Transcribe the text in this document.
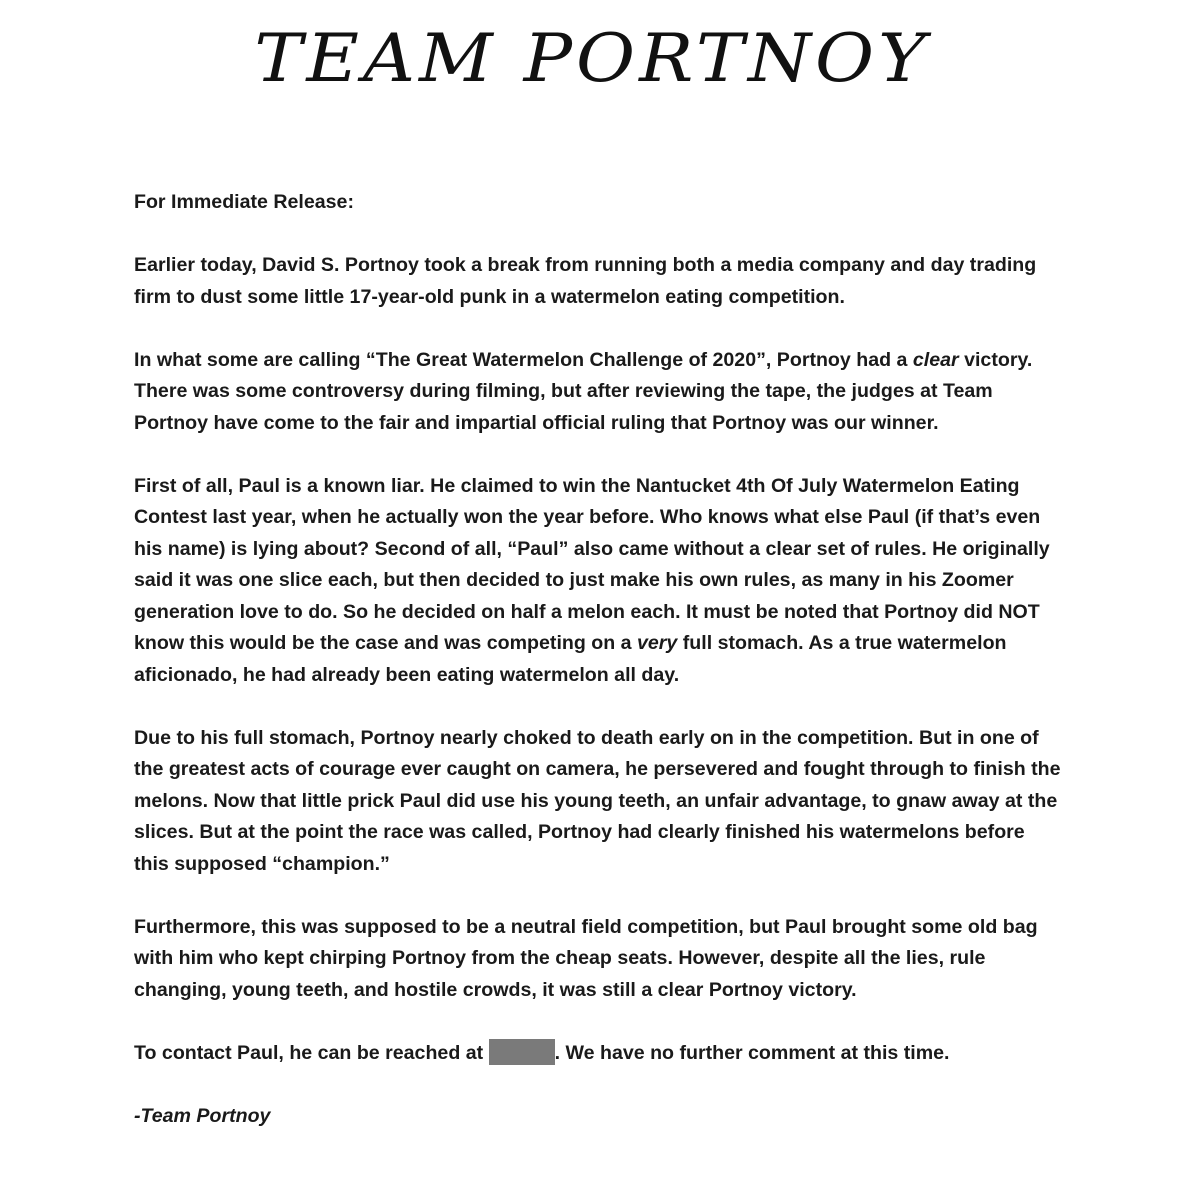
TEAM PORTNOY

For Immediate Release:

Earlier today, David S. Portnoy took a break from running both a media company and day trading firm to dust some little 17-year-old punk in a watermelon eating competition.

In what some are calling “The Great Watermelon Challenge of 2020”, Portnoy had a clear victory. There was some controversy during filming, but after reviewing the tape, the judges at Team Portnoy have come to the fair and impartial official ruling that Portnoy was our winner.

First of all, Paul is a known liar. He claimed to win the Nantucket 4th Of July Watermelon Eating Contest last year, when he actually won the year before. Who knows what else Paul (if that’s even his name) is lying about? Second of all, “Paul” also came without a clear set of rules. He originally said it was one slice each, but then decided to just make his own rules, as many in his Zoomer generation love to do. So he decided on half a melon each. It must be noted that Portnoy did NOT know this would be the case and was competing on a very full stomach. As a true watermelon aficionado, he had already been eating watermelon all day.

Due to his full stomach, Portnoy nearly choked to death early on in the competition. But in one of the greatest acts of courage ever caught on camera, he persevered and fought through to finish the melons. Now that little prick Paul did use his young teeth, an unfair advantage, to gnaw away at the slices. But at the point the race was called, Portnoy had clearly finished his watermelons before this supposed “champion.”

Furthermore, this was supposed to be a neutral field competition, but Paul brought some old bag with him who kept chirping Portnoy from the cheap seats. However, despite all the lies, rule changing, young teeth, and hostile crowds, it was still a clear Portnoy victory.

To contact Paul, he can be reached at	. We have no further comment at this time.

-Team Portnoy
